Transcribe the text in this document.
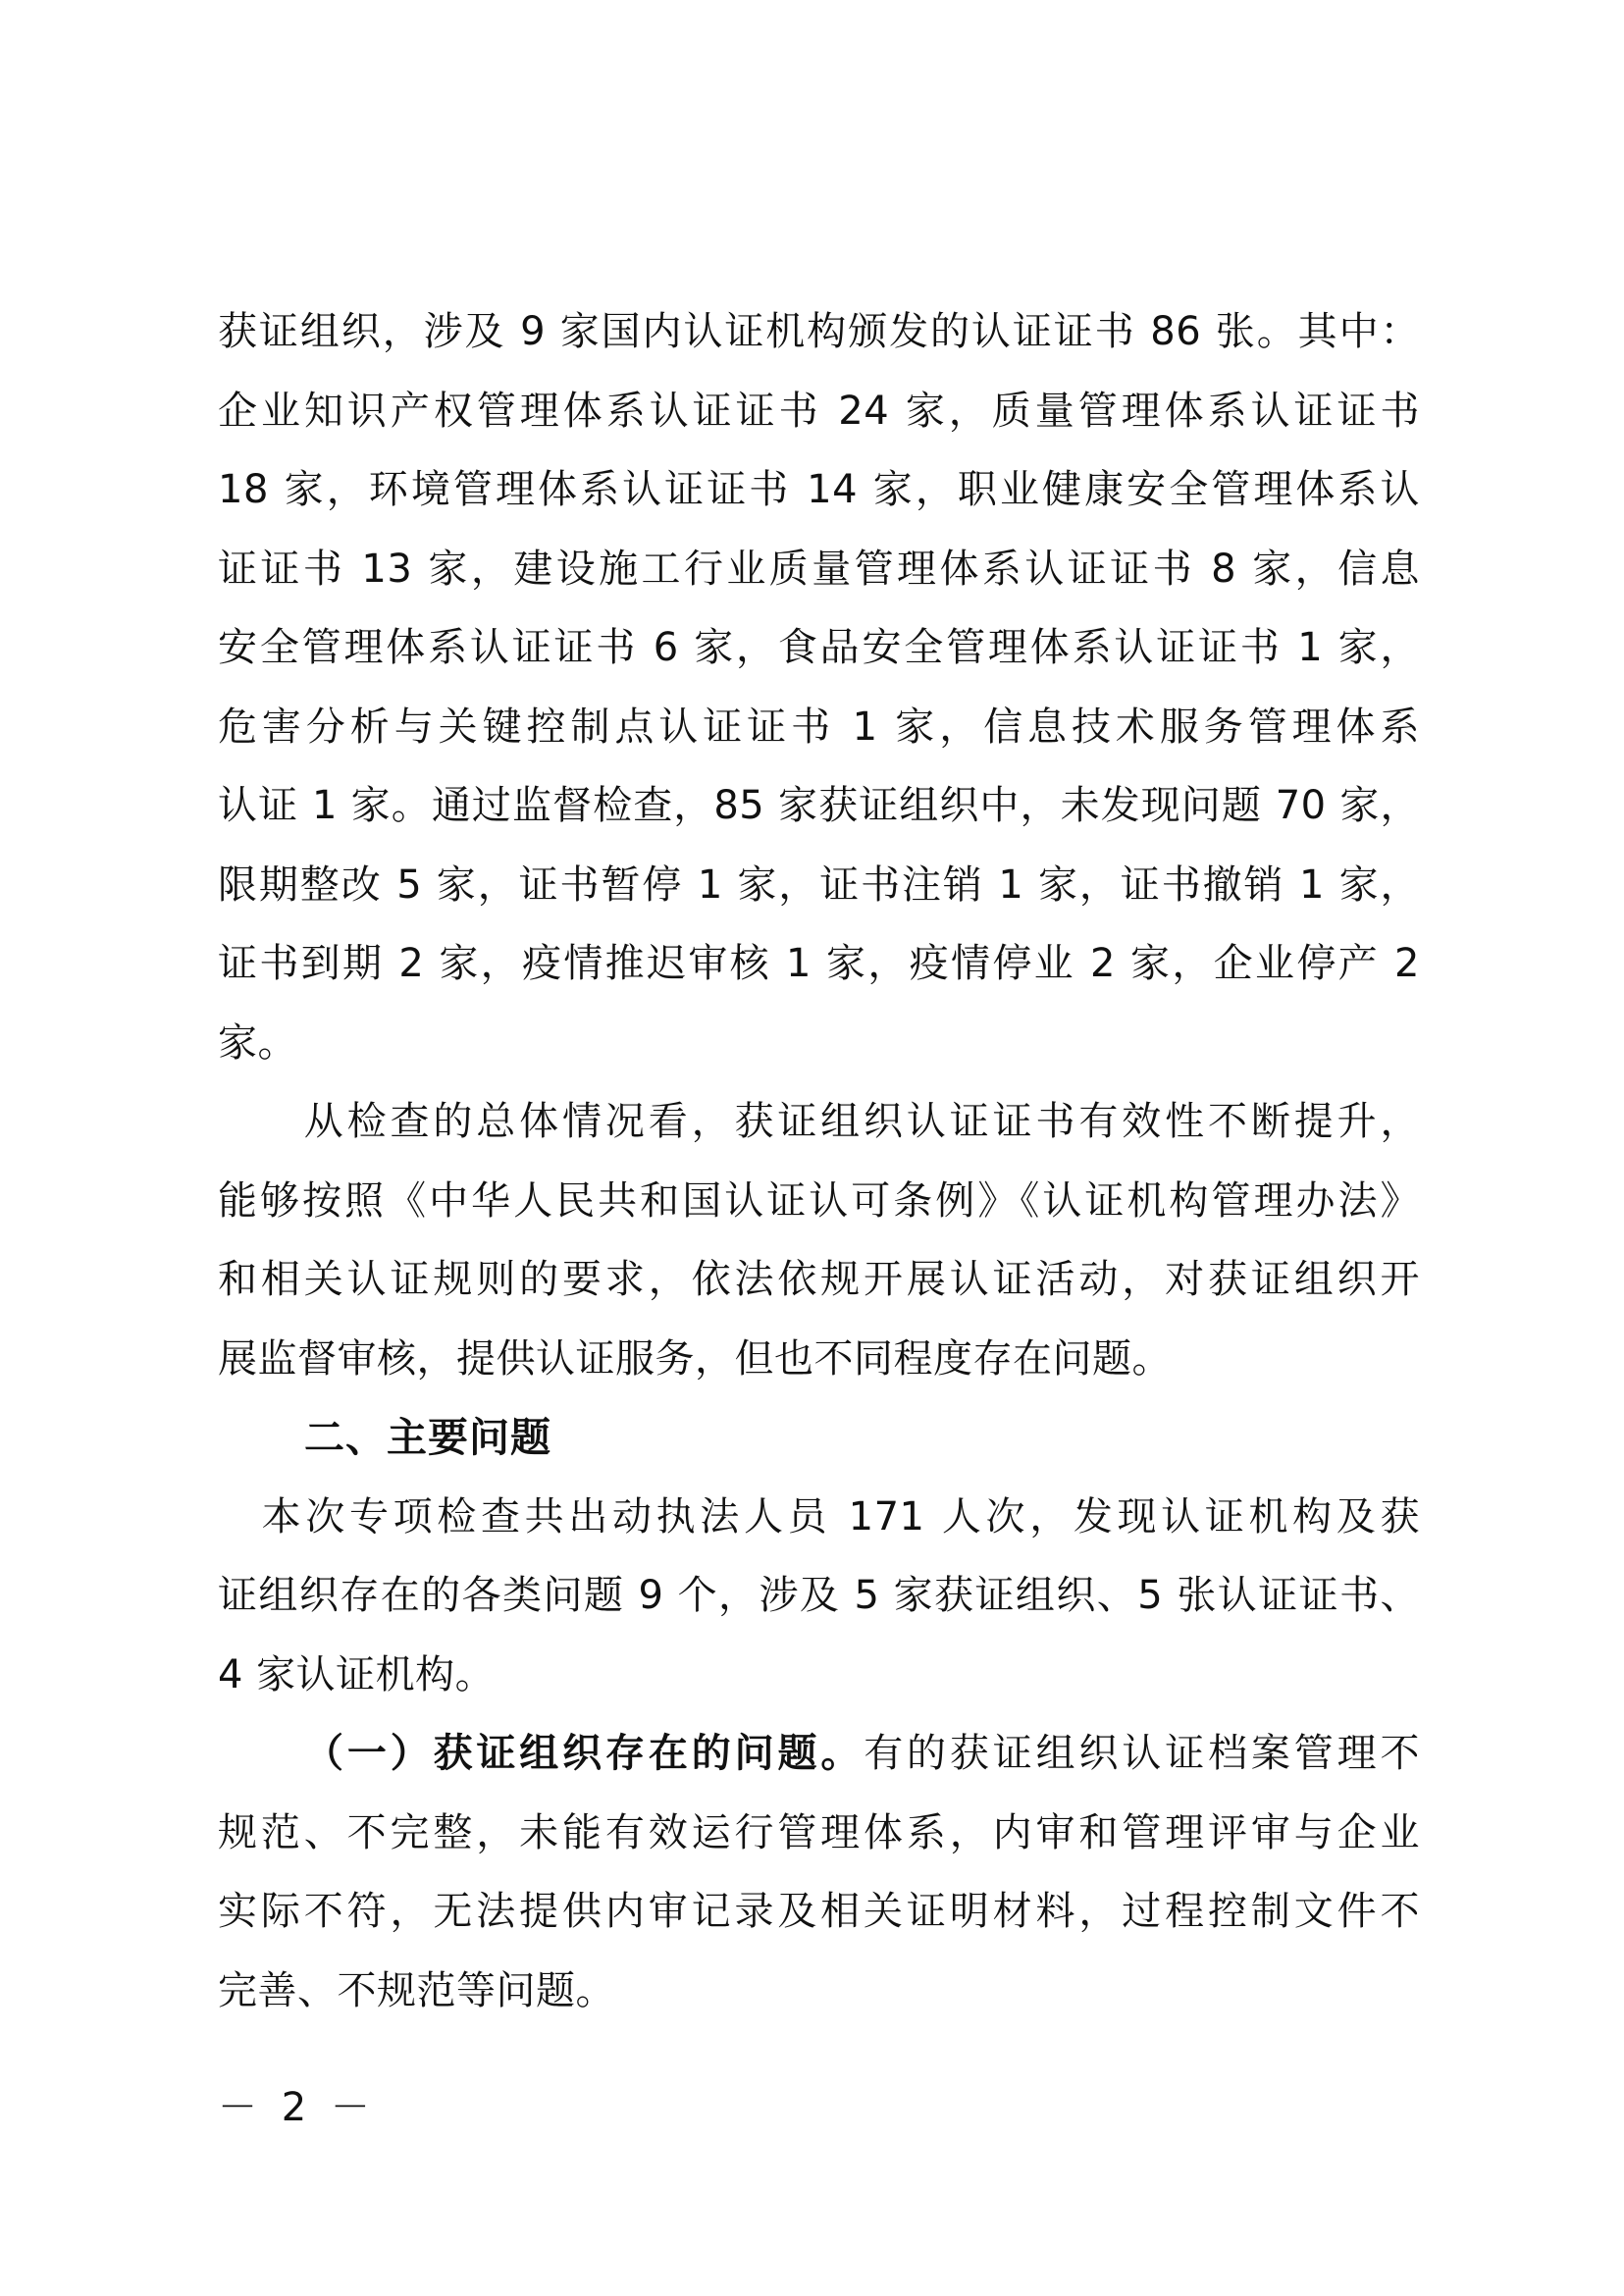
获证组织，涉及 9 家国内认证机构颁发的认证证书 86 张。其中：
企业知识产权管理体系认证证书 24 家，质量管理体系认证证书
18 家，环境管理体系认证证书 14 家，职业健康安全管理体系认
证证书 13 家，建设施工行业质量管理体系认证证书 8 家，信息
安全管理体系认证证书 6 家，食品安全管理体系认证证书 1 家，
危害分析与关键控制点认证证书 1 家，信息技术服务管理体系
认证 1 家。通过监督检查，85 家获证组织中，未发现问题 70 家，
限期整改 5 家，证书暂停 1 家，证书注销 1 家，证书撤销 1 家，
证书到期 2 家，疫情推迟审核 1 家，疫情停业 2 家，企业停产 2
家。
　　从检查的总体情况看，获证组织认证证书有效性不断提升，
能够按照《中华人民共和国认证认可条例》《认证机构管理办法》
和相关认证规则的要求，依法依规开展认证活动，对获证组织开
展监督审核，提供认证服务，但也不同程度存在问题。
二、主要问题
　本次专项检查共出动执法人员 171 人次，发现认证机构及获
证组织存在的各类问题 9 个，涉及 5 家获证组织、5 张认证证书、
4 家认证机构。
（一）获证组织存在的问题。有的获证组织认证档案管理不
规范、不完整，未能有效运行管理体系，内审和管理评审与企业
实际不符，无法提供内审记录及相关证明材料，过程控制文件不
完善、不规范等问题。
－ 2 －
